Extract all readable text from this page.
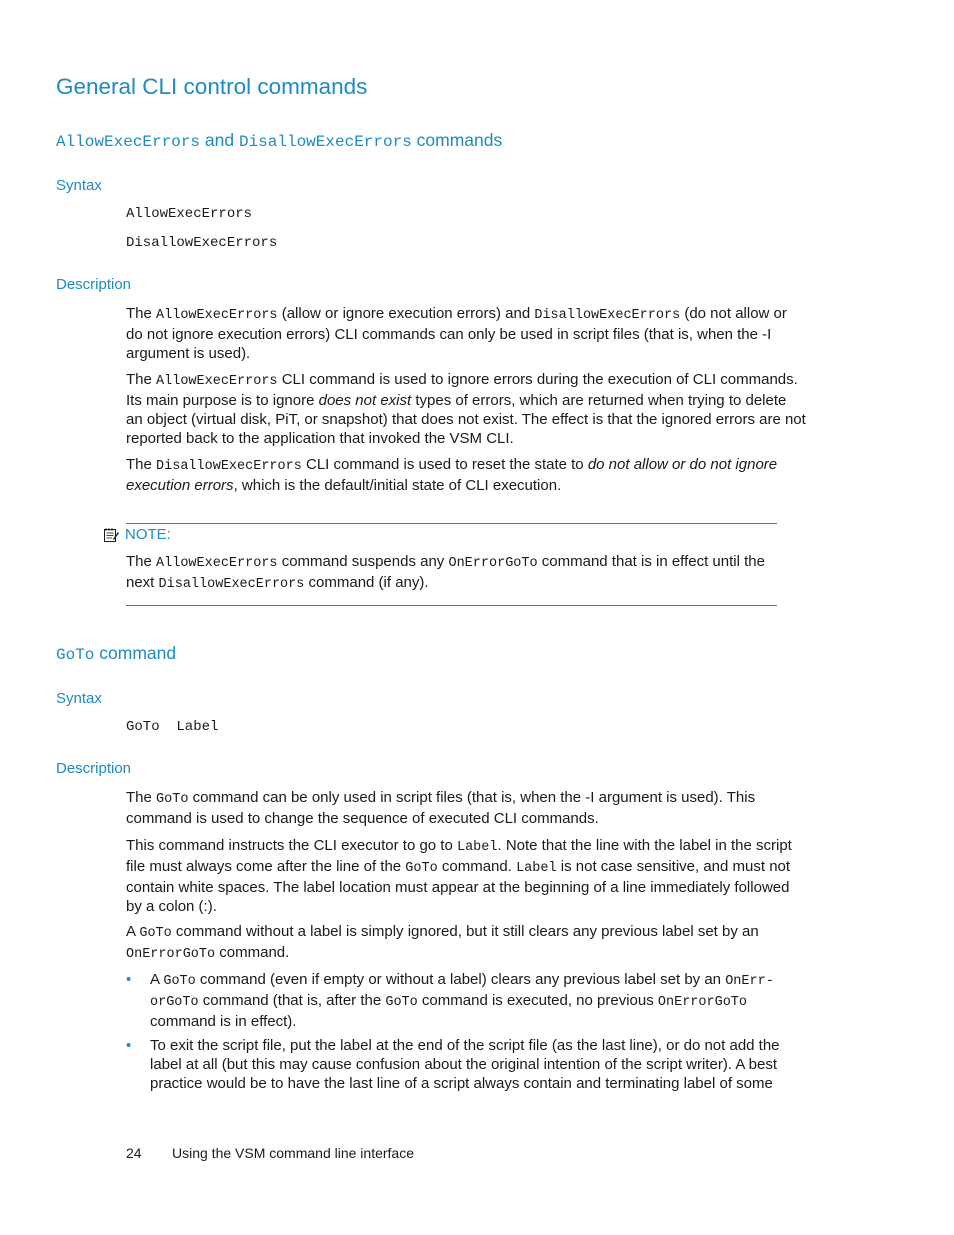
General CLI control commands
AllowExecErrors and DisallowExecErrors commands
Syntax
AllowExecErrors
DisallowExecErrors
Description

The AllowExecErrors (allow or ignore execution errors) and DisallowExecErrors (do not allow or do not ignore execution errors) CLI commands can only be used in script files (that is, when the -I argument is used).

The AllowExecErrors CLI command is used to ignore errors during the execution of CLI commands. Its main purpose is to ignore does not exist types of errors, which are returned when trying to delete an object (virtual disk, PiT, or snapshot) that does not exist. The effect is that the ignored errors are not reported back to the application that invoked the VSM CLI.

The DisallowExecErrors CLI command is used to reset the state to do not allow or do not ignore execution errors, which is the default/initial state of CLI execution.

NOTE:

The AllowExecErrors command suspends any OnErrorGoTo command that is in effect until the next DisallowExecErrors command (if any).

GoTo command
Syntax
GoTo  Label
Description

The GoTo command can be only used in script files (that is, when the -I argument is used). This command is used to change the sequence of executed CLI commands.

This command instructs the CLI executor to go to Label. Note that the line with the label in the script file must always come after the line of the GoTo command. Label is not case sensitive, and must not contain white spaces. The label location must appear at the beginning of a line immediately followed by a colon (:).

A GoTo command without a label is simply ignored, but it still clears any previous label set by an OnErrorGoTo command.

• A GoTo command (even if empty or without a label) clears any previous label set by an OnErr-orGoTo command (that is, after the GoTo command is executed, no previous OnErrorGoTo command is in effect).
• To exit the script file, put the label at the end of the script file (as the last line), or do not add the label at all (but this may cause confusion about the original intention of the script writer). A best practice would be to have the last line of a script always contain and terminating label of some
24 Using the VSM command line interface
